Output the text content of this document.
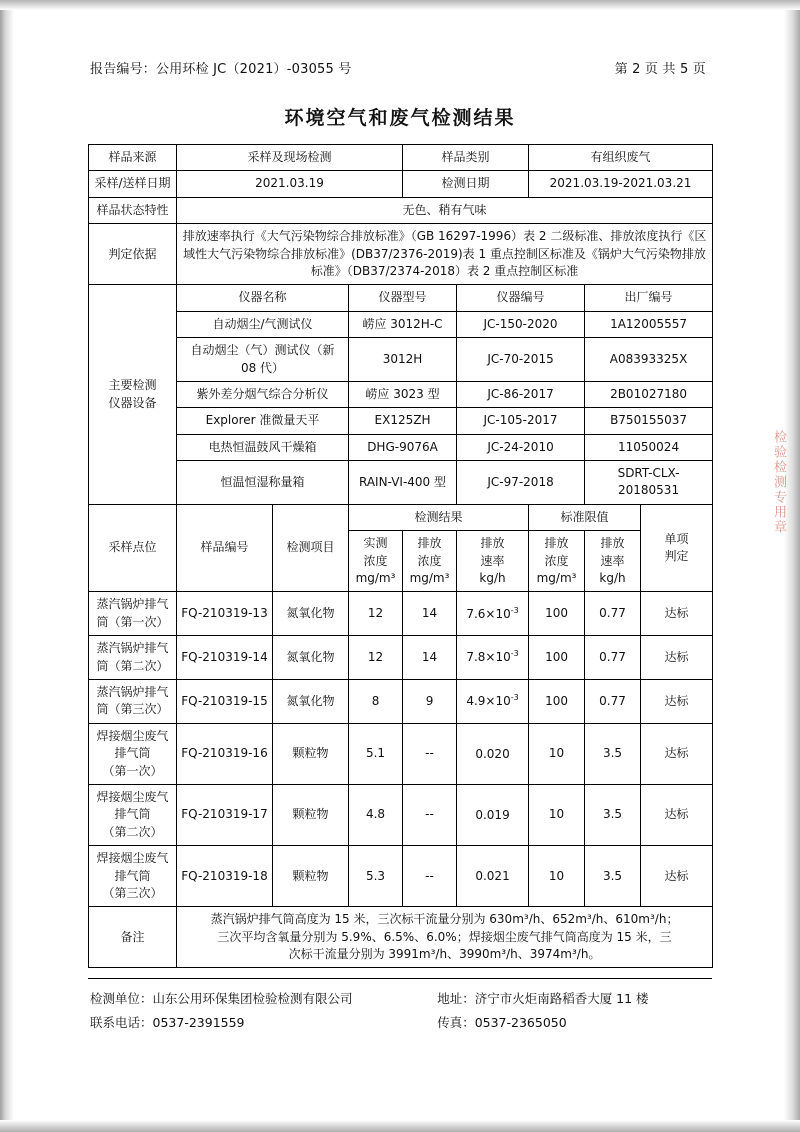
检验检测专用章
报告编号：公用环检 JC（2021）-03055 号	第 2 页 共 5 页
环境空气和废气检测结果
样品来源	采样及现场检测			样品类别		有组织废气		
采样/送样日期	2021.03.19			检测日期		2021.03.19-2021.03.21		
样品状态特性	无色、稍有气味							
判定依据	排放速率执行《大气污染物综合排放标准》（GB 16297-1996）表 2 二级标准、排放浓度执行《区域性大气污染物综合排放标准》(DB37/2376-2019)表 1 重点控制区标准及《锅炉大气污染物排放标准》（DB37/2374-2018）表 2 重点控制区标准							

主要检测
仪器设备	仪器名称		仪器型号		仪器编号		出厂编号	
	自动烟尘/气测试仪		崂应 3012H-C		JC-150-2020		1A12005557	
	自动烟尘（气）测试仪（新 08 代）		3012H		JC-70-2015		A08393325X	
	紫外差分烟气综合分析仪		崂应 3023 型		JC-86-2017		2B01027180	
	Explorer 准微量天平		EX125ZH		JC-105-2017		B750155037	
	电热恒温鼓风干燥箱		DHG-9076A		JC-24-2010		11050024	
	恒温恒湿称量箱		RAIN-VI-400 型		JC-97-2018		SDRT-CLX-20180531	
采样点位	样品编号	检测项目	检测结果			标准限值		单项
判定

实测
浓度
mg/m³

排放
浓度
mg/m³

排放
速率
kg/h

排放
浓度
mg/m³

排放
速率
kg/h

蒸汽锅炉排气
筒（第一次）	FQ-210319-13	氮氧化物	12	14	$7.6\times 10^{-3}$	100	0.77	达标

蒸汽锅炉排气
筒（第二次）	FQ-210319-14	氮氧化物	12	14	$7.8\times 10^{-3}$	100	0.77	达标

蒸汽锅炉排气
筒（第三次）	FQ-210319-15	氮氧化物	8	9	$4.9\times 10^{-3}$	100	0.77	达标

焊接烟尘废气
排气筒
（第一次）	FQ-210319-16	颗粒物	5.1	--	0.020	10	3.5	达标

焊接烟尘废气
排气筒
（第二次）	FQ-210319-17	颗粒物	4.8	--	0.019	10	3.5	达标

焊接烟尘废气
排气筒
（第三次）	FQ-210319-18	颗粒物	5.3	--	0.021	10	3.5	达标
备注	蒸汽锅炉排气筒高度为 15 米，三次标干流量分别为 630m³/h、652m³/h、610m³/h；
三次平均含氧量分别为 5.9%、6.5%、6.0%；焊接烟尘废气排气筒高度为 15 米，三
次标干流量分别为 3991m³/h、3990m³/h、3974m³/h。							
检测单位：山东公用环保集团检验检测有限公司	地址：济宁市火炬南路稻香大厦 11 楼
联系电话：0537-2391559	传真：0537-2365050
